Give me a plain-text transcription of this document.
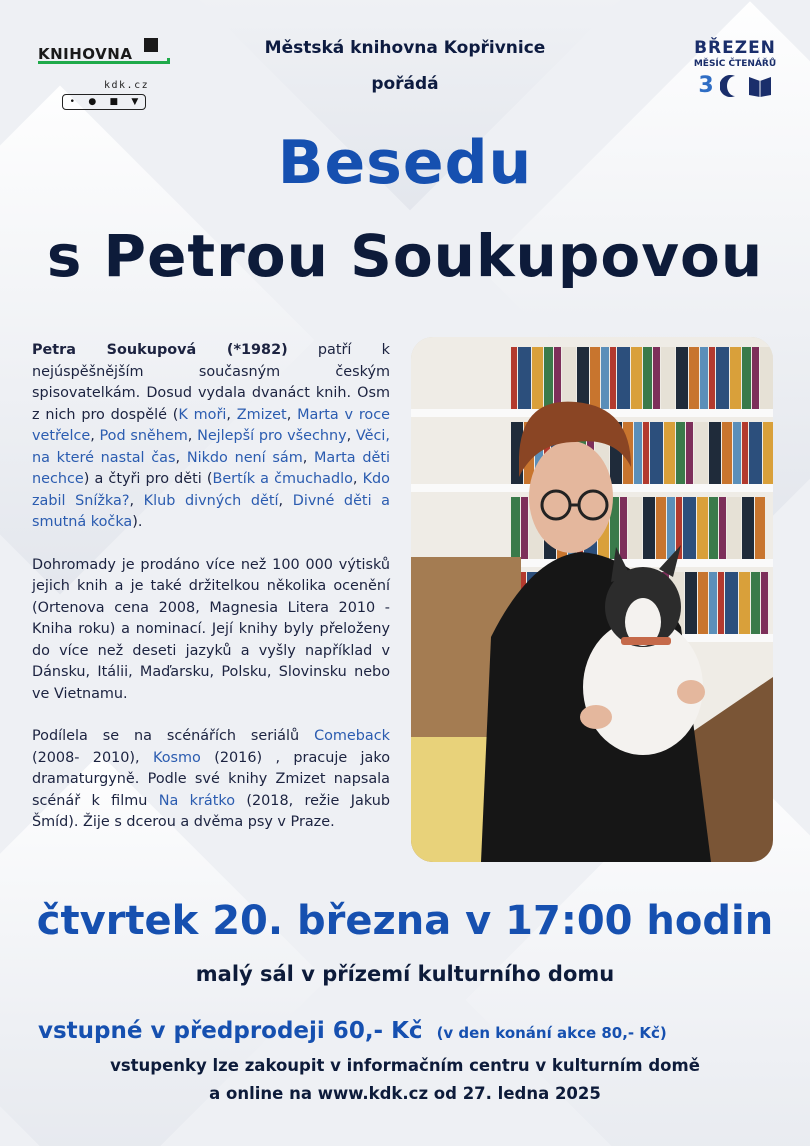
KNIHOVNA
kdk.cz
• ● ■ ▼
Městská knihovna Kopřivnice
pořádá
BŘEZEN
MĚSÍC ČTENÁŘŮ
3
Besedu
s Petrou Soukupovou

Petra Soukupová (*1982) patří k nejúspěšnějším současným českým spisovatelkám. Dosud vydala dvanáct knih. Osm z nich pro dospělé (K moři, Zmizet, Marta v roce vetřelce, Pod sněhem, Nejlepší pro všechny, Věci, na které nastal čas, Nikdo není sám, Marta děti nechce) a čtyři pro děti (Bertík a čmuchadlo, Kdo zabil Snížka?, Klub divných dětí, Divné děti a smutná kočka).

Dohromady je prodáno více než 100 000 výtisků jejich knih a je také držitelkou několika ocenění (Ortenova cena 2008, Magnesia Litera 2010 - Kniha roku) a nominací. Její knihy byly přeloženy do více než deseti jazyků a vyšly například v Dánsku, Itálii, Maďarsku, Polsku, Slovinsku nebo ve Vietnamu.

Podílela se na scénářích seriálů Comeback (2008- 2010), Kosmo (2016) , pracuje jako dramaturgyně. Podle své knihy Zmizet napsala scénář k filmu Na krátko (2018, režie Jakub Šmíd). Žije s dcerou a dvěma psy v Praze.

čtvrtek 20. března v 17:00 hodin
malý sál v přízemí kulturního domu
vstupné v předprodeji 60,- Kč (v den konání akce 80,- Kč)
vstupenky lze zakoupit v informačním centru v kulturním domě
a online na www.kdk.cz od 27. ledna 2025
